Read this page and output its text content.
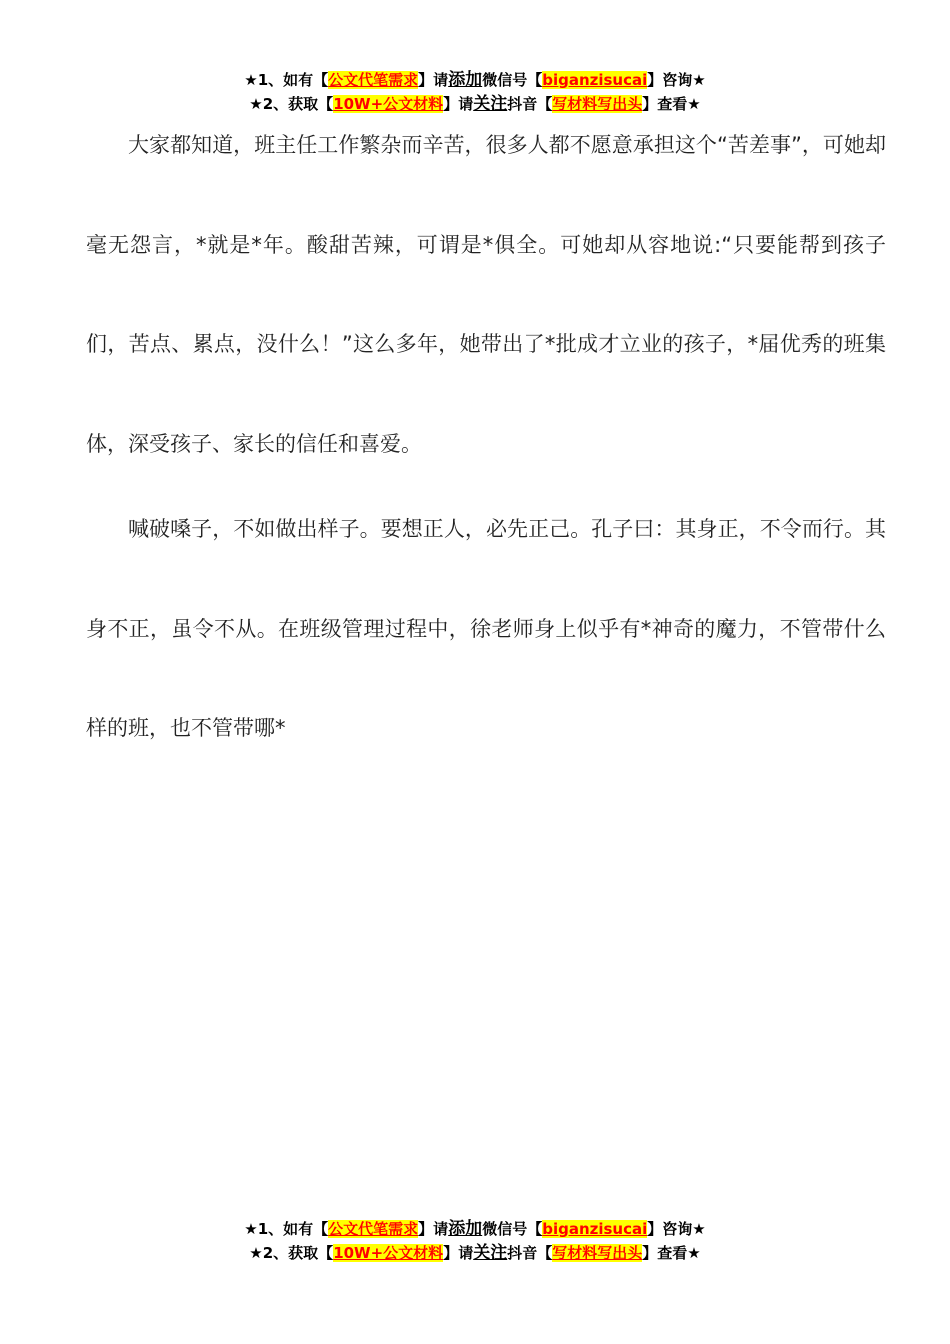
★1、如有【公文代笔需求】请添加微信号【biganzisucai】咨询★
★2、获取【10W+公文材料】请关注抖音【写材料写出头】查看★

大家都知道，班主任工作繁杂而辛苦，很多人都不愿意承担这个“苦差事”，可她却毫无怨言，*就是*年。酸甜苦辣，可谓是*俱全。可她却从容地说:“只要能帮到孩子们，苦点、累点，没什么！”这么多年，她带出了*批成才立业的孩子，*届优秀的班集体，深受孩子、家长的信任和喜爱。

喊破嗓子，不如做出样子。要想正人，必先正己。孔子曰：其身正，不令而行。其身不正，虽令不从。在班级管理过程中，徐老师身上似乎有*神奇的魔力，不管带什么样的班，也不管带哪*

★1、如有【公文代笔需求】请添加微信号【biganzisucai】咨询★
★2、获取【10W+公文材料】请关注抖音【写材料写出头】查看★
